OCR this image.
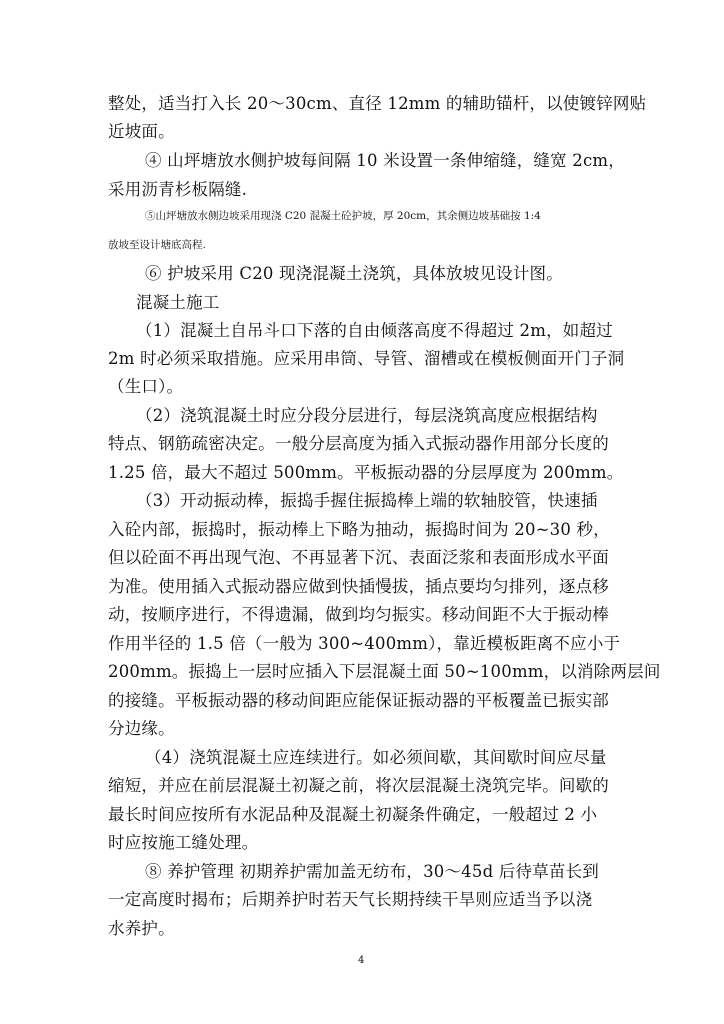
整处，适当打入长 20～30cm、直径 12mm 的辅助锚杆，以使镀锌网贴
近坡面。
④ 山坪塘放水侧护坡每间隔 10 米设置一条伸缩缝，缝宽 2cm，
采用沥青杉板隔缝.
⑤山坪塘放水侧边坡采用现浇 C20 混凝土砼护坡，厚 20cm，其余侧边坡基础按 1:4
放坡至设计塘底高程.
⑥ 护坡采用 C20 现浇混凝土浇筑，具体放坡见设计图。
混凝土施工
（1）混凝土自吊斗口下落的自由倾落高度不得超过 2m，如超过
2m 时必须采取措施。应采用串筒、导管、溜槽或在模板侧面开门子洞
（生口）。
（2）浇筑混凝土时应分段分层进行，每层浇筑高度应根据结构
特点、钢筋疏密决定。一般分层高度为插入式振动器作用部分长度的
1.25 倍，最大不超过 500mm。平板振动器的分层厚度为 200mm。
（3）开动振动棒，振捣手握住振捣棒上端的软轴胶管，快速插
入砼内部，振捣时，振动棒上下略为抽动，振捣时间为 20~30 秒，
但以砼面不再出现气泡、不再显著下沉、表面泛浆和表面形成水平面
为准。使用插入式振动器应做到快插慢拔，插点要均匀排列，逐点移
动，按顺序进行，不得遗漏，做到均匀振实。移动间距不大于振动棒
作用半径的 1.5 倍（一般为 300~400mm），靠近模板距离不应小于
200mm。振捣上一层时应插入下层混凝土面 50~100mm，以消除两层间
的接缝。平板振动器的移动间距应能保证振动器的平板覆盖已振实部
分边缘。
（4）浇筑混凝土应连续进行。如必须间歇，其间歇时间应尽量
缩短，并应在前层混凝土初凝之前，将次层混凝土浇筑完毕。间歇的
最长时间应按所有水泥品种及混凝土初凝条件确定，一般超过 2 小
时应按施工缝处理。
⑧ 养护管理 初期养护需加盖无纺布，30～45d 后待草苗长到
一定高度时揭布；后期养护时若天气长期持续干旱则应适当予以浇
水养护。
4
